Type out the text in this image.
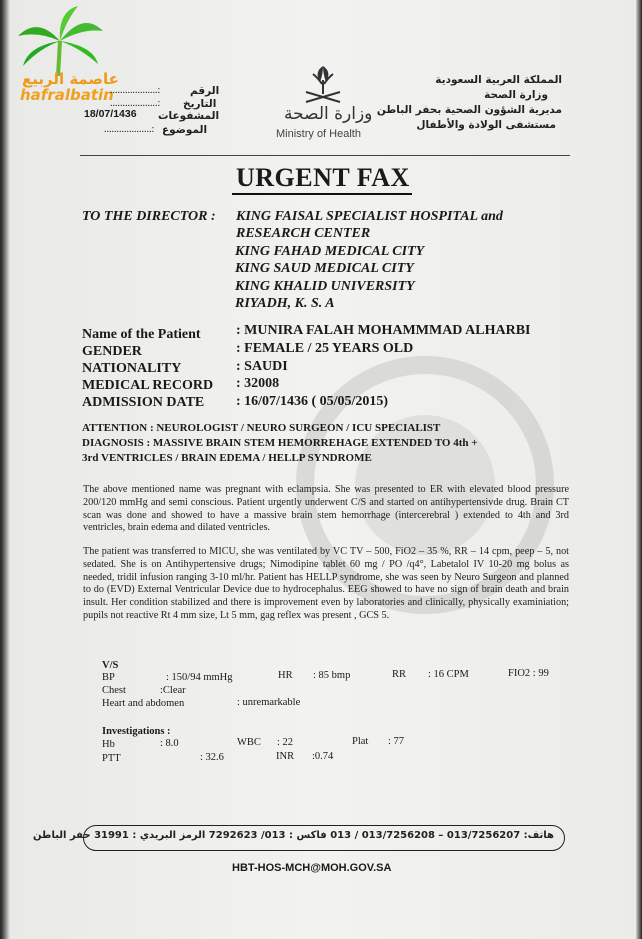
عاصمة الربيع
hafralbatin
المملكة العربية السعودية
وزارة الصحة
مديرية الشؤون الصحية بحفر الباطن
مستشفى الولادة والأطفال
وزارة الصحة
Ministry of Health
الرقم
...................:
التاريخ
...................:
المشفوعات
18/07/1436
الموضوع
...................:
URGENT FAX
TO THE DIRECTOR : KING FAISAL SPECIALIST HOSPITAL and
RESEARCH CENTER
KING FAHAD MEDICAL CITY
KING SAUD MEDICAL CITY
KING KHALID UNIVERSITY
RIYADH, K. S. A
Name of the Patient	: MUNIRA FALAH MOHAMMMAD ALHARBI
GENDER	: FEMALE / 25 YEARS OLD
NATIONALITY	: SAUDI
MEDICAL RECORD : 32008
ADMISSION DATE : 16/07/1436 ( 05/05/2015)
ATTENTION : NEUROLOGIST / NEURO SURGEON / ICU SPECIALIST
DIAGNOSIS : MASSIVE BRAIN STEM HEMORREHAGE EXTENDED TO 4th +
3rd VENTRICLES / BRAIN EDEMA / HELLP SYNDROME
The above mentioned name was pregnant with eclampsia. She was presented to ER with elevated blood pressure 200/120 mmHg and semi conscious. Patient urgently underwent C/S and started on antihypertensivde drug. Brain CT scan was done and showed to have a massive brain stem hemorrhage (intercerebral ) extended to 4th and 3rd ventricles, brain edema and dilated ventricles.
The patient was transferred to MICU, she was ventilated by VC TV – 500, FiO2 – 35 %, RR – 14 cpm, peep – 5, not sedated. She is on Antihypertensive drugs; Nimodipine tablet 60 mg / PO /q4°, Labetalol IV 10-20 mg bolus as needed, tridil infusion ranging 3-10 ml/hr. Patient has HELLP syndrome, she was seen by Neuro Surgeon and planned to do (EVD) External Ventricular Device due to hydrocephalus. EEG showed to have no sign of brain death and brain insult. Her condition stabilized and there is improvement even by laboratories and clinically, physically examiniation; pupils not reactive Rt 4 mm size, Lt 5 mm, gag reflex was present , GCS 5.
V/S
BP	: 150/94 mmHg	HR : 85 bmp	RR : 16 CPM	FIO2 : 99
Chest	:Clear
Heart and abdomen	: unremarkable
Investigations :
Hb	: 8.0	WBC : 22	Plat : 77
PTT	: 32.6	INR :0.74
هاتف: 013/7256207 – 013/7256208 / 013 فاكس : 013/ 7292623 الرمز البريدي : 31991 حفر الباطن
HBT-HOS-MCH@MOH.GOV.SA
